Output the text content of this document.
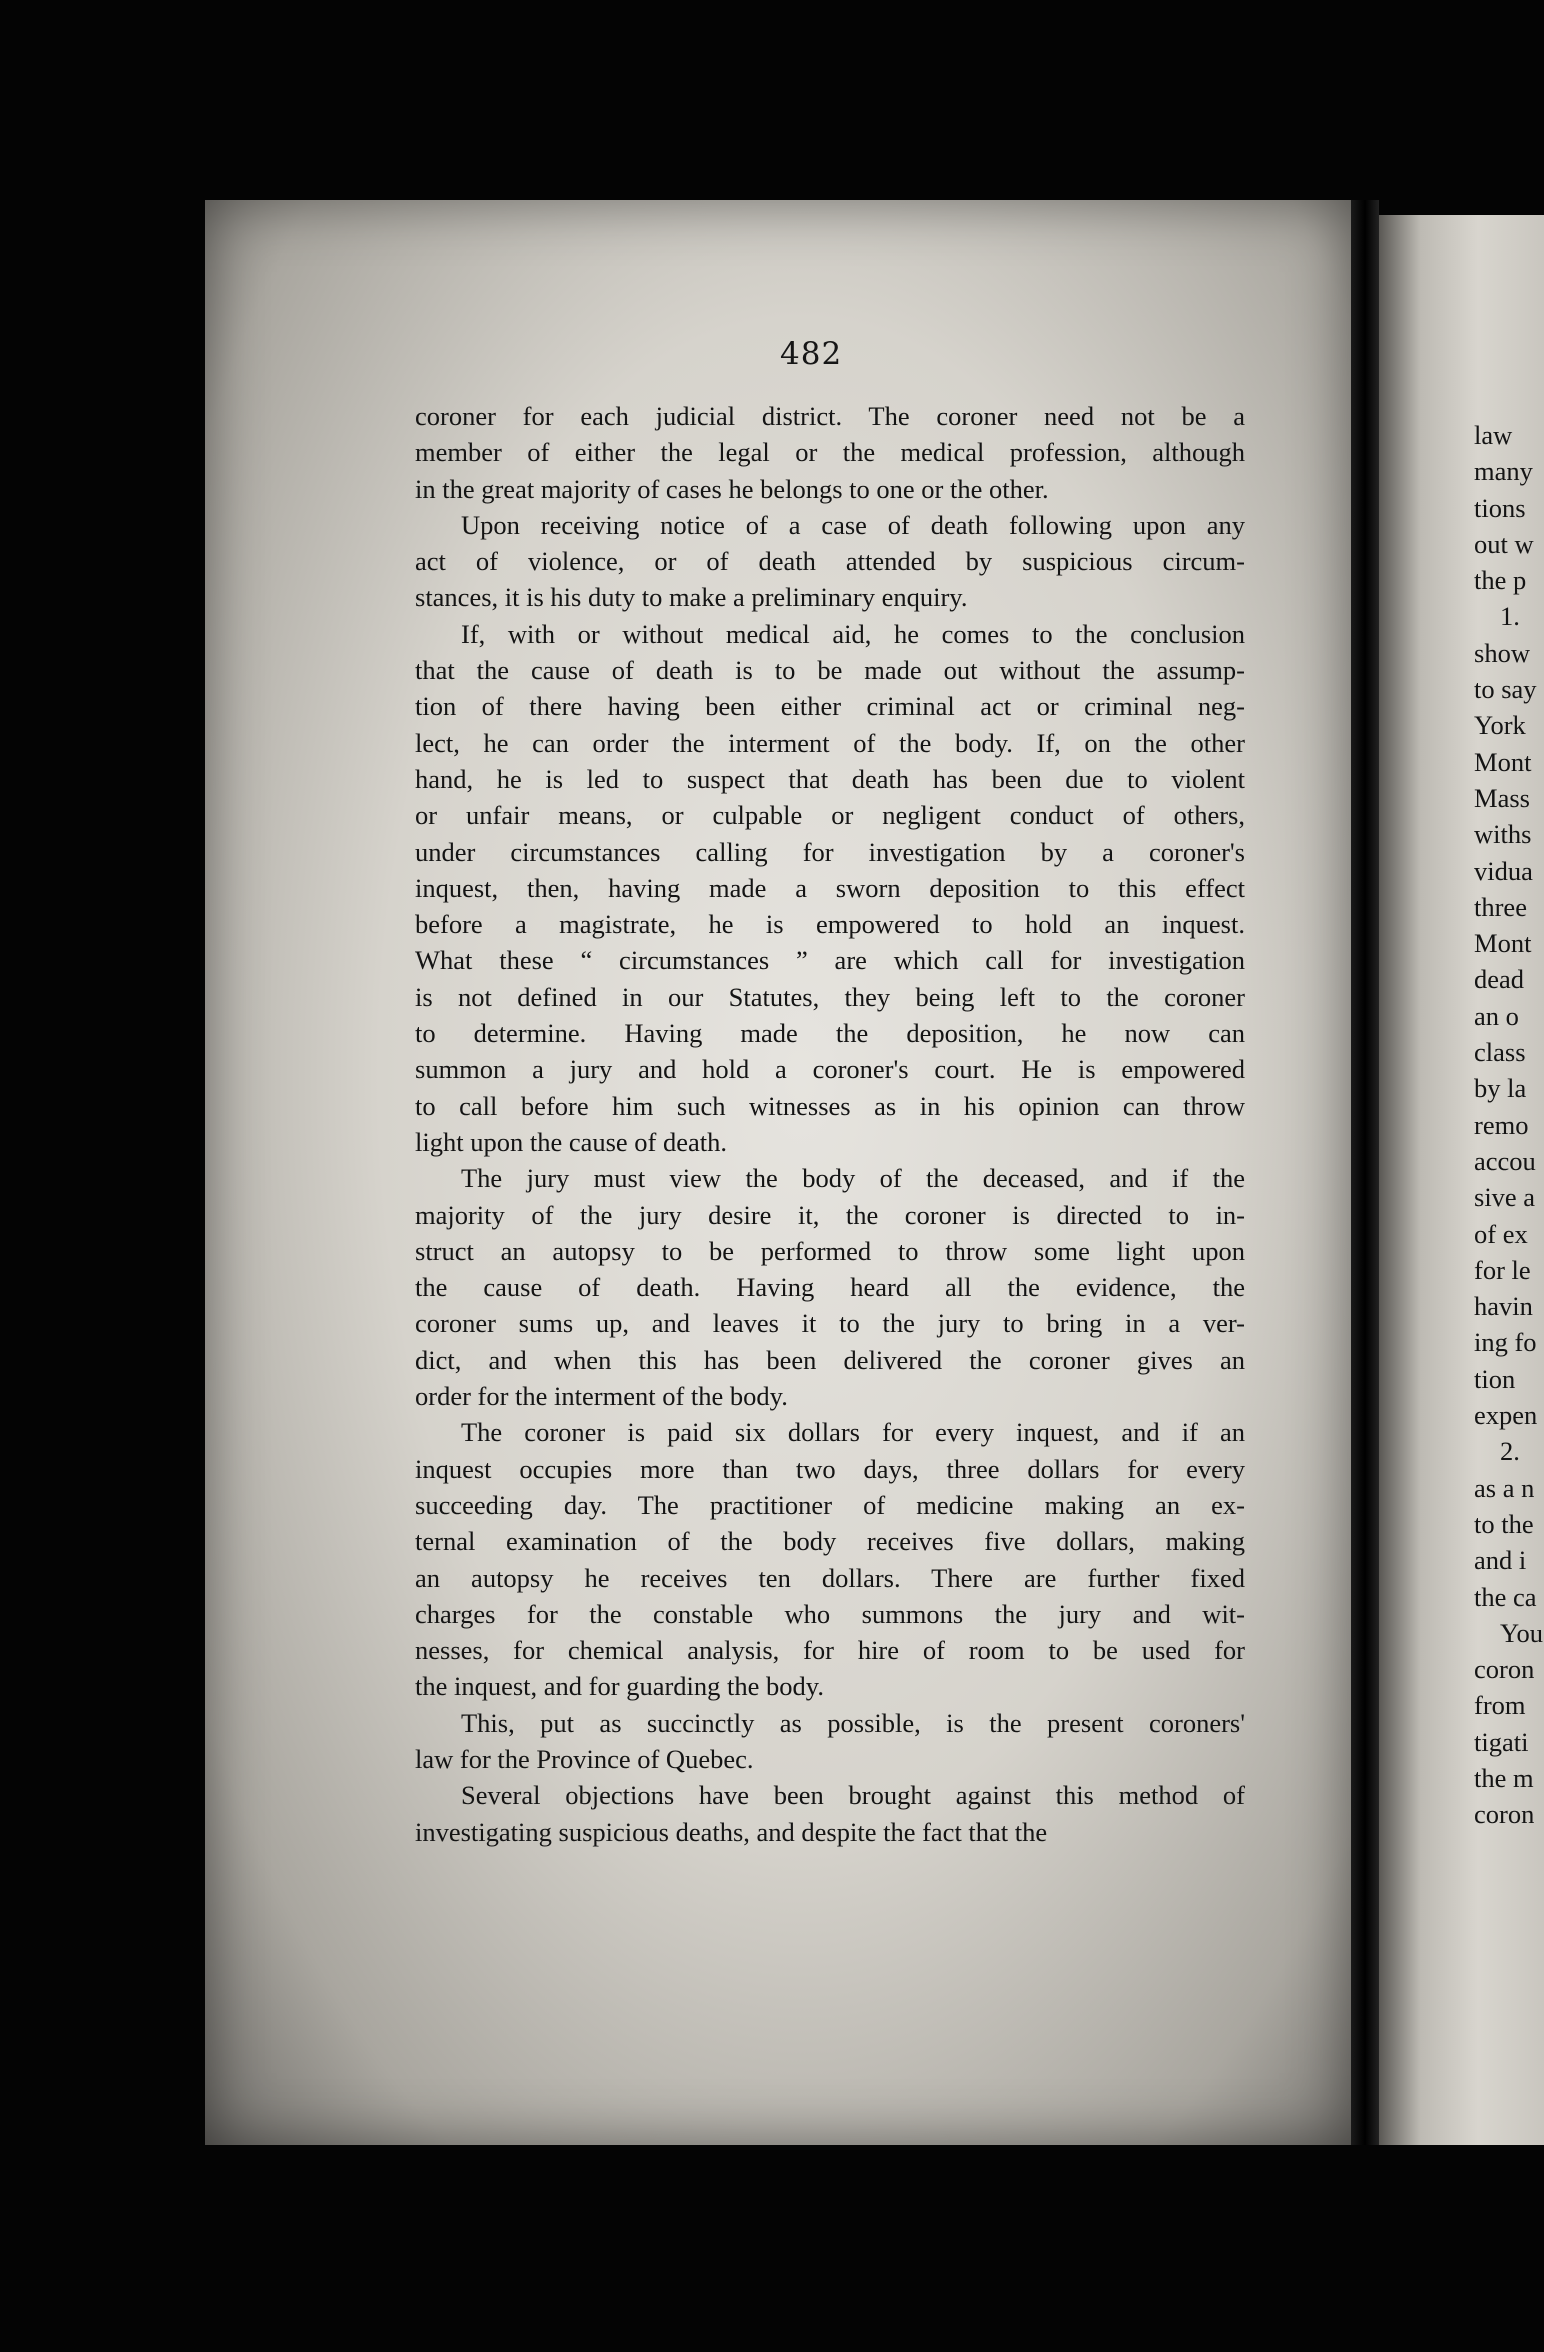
law
many
tions
out w
the p
1.
show
to say
York
Mont
Mass
withs
vidua
three
Mont
dead
an o
class
by la
remo
accou
sive a
of ex
for le
havin
ing fo
tion
expen
2.
as a n
to the
and i
the ca
You
coron
from
tigati
the m
coron
482
coroner for each judicial district. The coroner need not be a
member of either the legal or the medical profession, although
in the great majority of cases he belongs to one or the other.
Upon receiving notice of a case of death following upon any
act of violence, or of death attended by suspicious circum-
stances, it is his duty to make a preliminary enquiry.
If, with or without medical aid, he comes to the conclusion
that the cause of death is to be made out without the assump-
tion of there having been either criminal act or criminal neg-
lect, he can order the interment of the body. If, on the other
hand, he is led to suspect that death has been due to violent
or unfair means, or culpable or negligent conduct of others,
under circumstances calling for investigation by a coroner's
inquest, then, having made a sworn deposition to this effect
before a magistrate, he is empowered to hold an inquest.
What these “ circumstances ” are which call for investigation
is not defined in our Statutes, they being left to the coroner
to determine. Having made the deposition, he now can
summon a jury and hold a coroner's court. He is empowered
to call before him such witnesses as in his opinion can throw
light upon the cause of death.
The jury must view the body of the deceased, and if the
majority of the jury desire it, the coroner is directed to in-
struct an autopsy to be performed to throw some light upon
the cause of death. Having heard all the evidence, the
coroner sums up, and leaves it to the jury to bring in a ver-
dict, and when this has been delivered the coroner gives an
order for the interment of the body.
The coroner is paid six dollars for every inquest, and if an
inquest occupies more than two days, three dollars for every
succeeding day. The practitioner of medicine making an ex-
ternal examination of the body receives five dollars, making
an autopsy he receives ten dollars. There are further fixed
charges for the constable who summons the jury and wit-
nesses, for chemical analysis, for hire of room to be used for
the inquest, and for guarding the body.
This, put as succinctly as possible, is the present coroners'
law for the Province of Quebec.
Several objections have been brought against this method of
investigating suspicious deaths, and despite the fact that the
